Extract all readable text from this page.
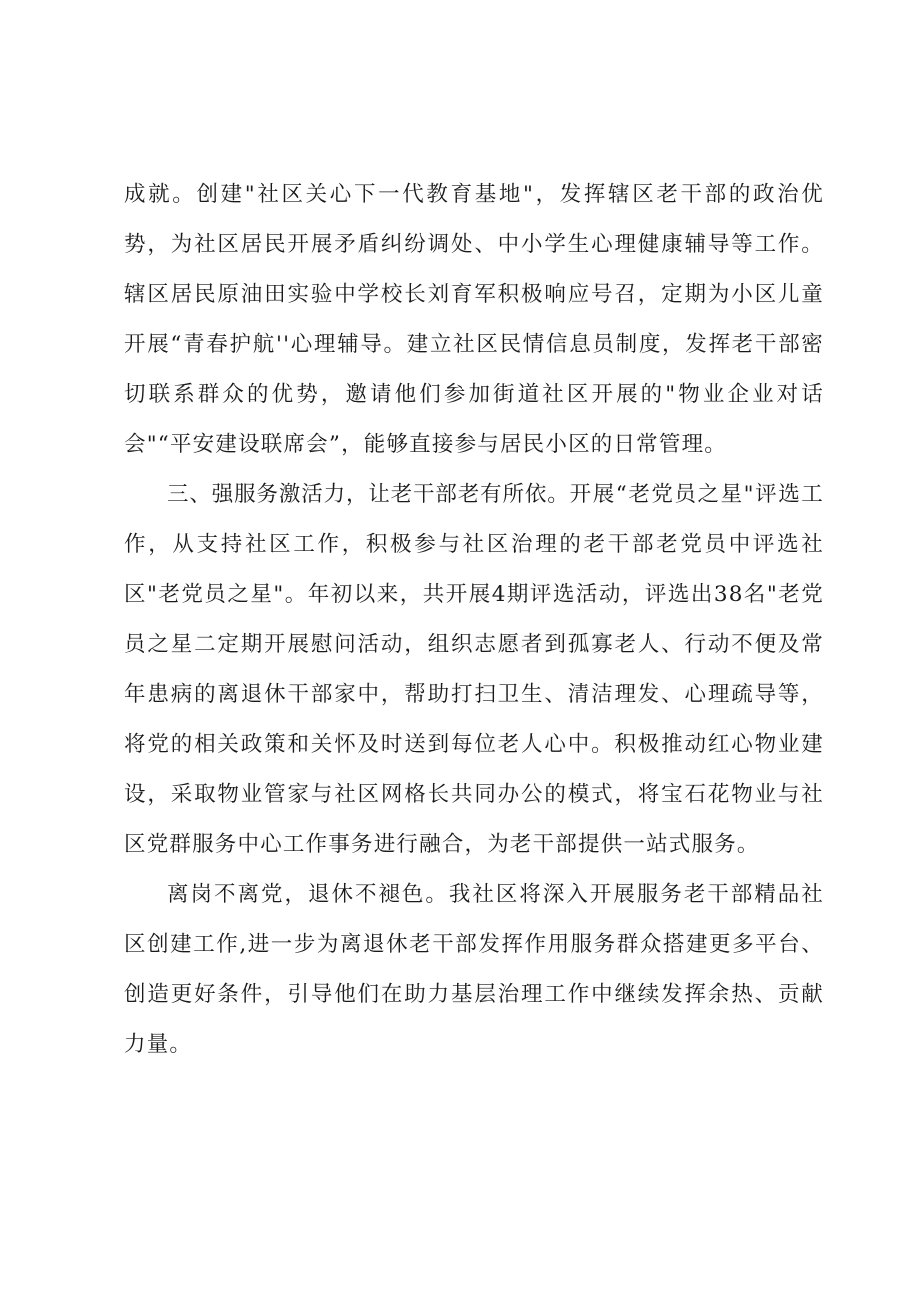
成就。创建"社区关心下一代教育基地"，发挥辖区老干部的政治优势，为社区居民开展矛盾纠纷调处、中小学生心理健康辅导等工作。辖区居民原油田实验中学校长刘育军积极响应号召，定期为小区儿童开展“青春护航''心理辅导。建立社区民情信息员制度，发挥老干部密切联系群众的优势，邀请他们参加街道社区开展的"物业企业对话会"“平安建设联席会”，能够直接参与居民小区的日常管理。

三、强服务激活力，让老干部老有所依。开展“老党员之星"评选工作，从支持社区工作，积极参与社区治理的老干部老党员中评选社区"老党员之星"。年初以来，共开展4期评选活动，评选出38名"老党员之星二定期开展慰问活动，组织志愿者到孤寡老人、行动不便及常年患病的离退休干部家中，帮助打扫卫生、清洁理发、心理疏导等，将党的相关政策和关怀及时送到每位老人心中。积极推动红心物业建设，采取物业管家与社区网格长共同办公的模式，将宝石花物业与社区党群服务中心工作事务进行融合，为老干部提供一站式服务。

离岗不离党，退休不褪色。我社区将深入开展服务老干部精品社区创建工作,进一步为离退休老干部发挥作用服务群众搭建更多平台、创造更好条件，引导他们在助力基层治理工作中继续发挥余热、贡献力量。
